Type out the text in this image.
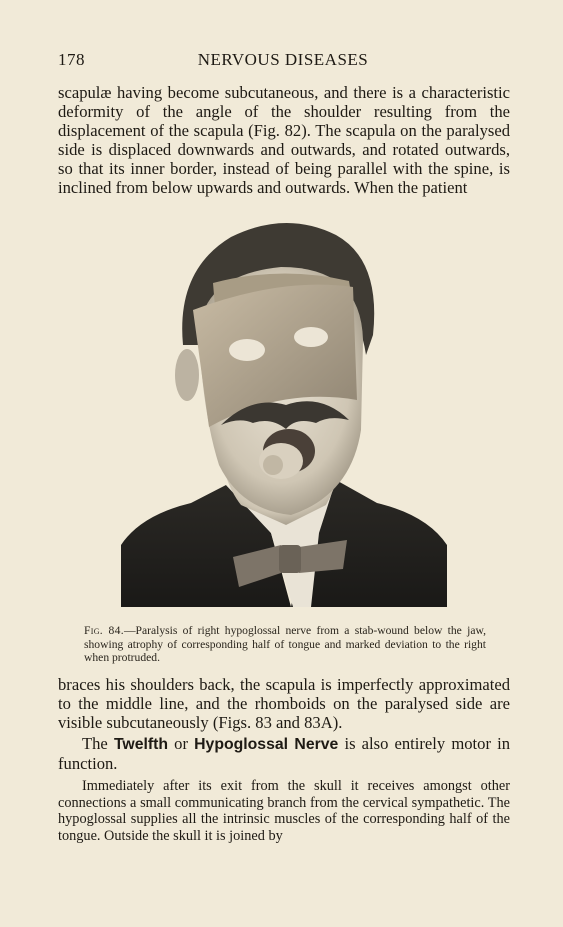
178	NERVOUS DISEASES
scapulæ having become subcutaneous, and there is a characteristic deformity of the angle of the shoulder resulting from the displacement of the scapula (Fig. 82). The scapula on the paralysed side is displaced downwards and outwards, and rotated outwards, so that its inner border, instead of being parallel with the spine, is inclined from below upwards and outwards. When the patient
Fig. 84.—Paralysis of right hypoglossal nerve from a stab-wound below the jaw, showing atrophy of corresponding half of tongue and marked deviation to the right when protruded.
braces his shoulders back, the scapula is imperfectly approximated to the middle line, and the rhomboids on the paralysed side are visible subcutaneously (Figs. 83 and 83A).
The Twelfth or Hypoglossal Nerve is also entirely motor in function.
Immediately after its exit from the skull it receives amongst other connections a small communicating branch from the cervical sympathetic. The hypoglossal supplies all the intrinsic muscles of the corresponding half of the tongue. Outside the skull it is joined by
